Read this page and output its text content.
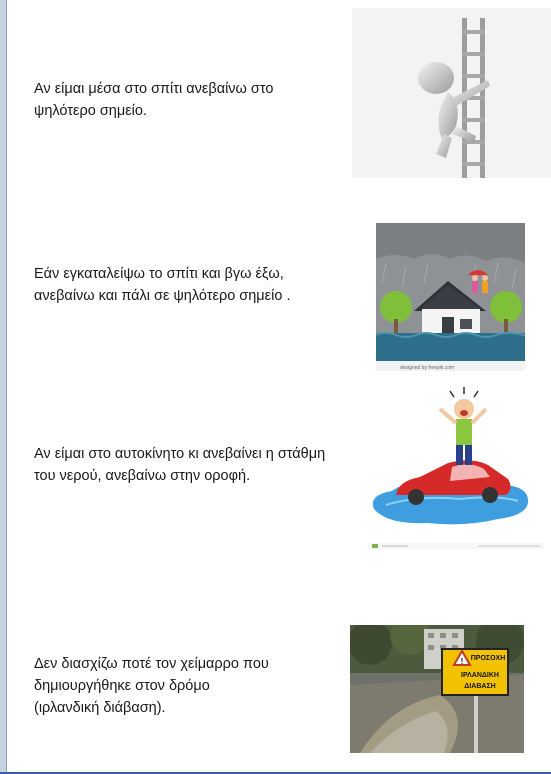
Αν είμαι μέσα στο σπίτι ανεβαίνω στο
ψηλότερο σημείο.
Εάν εγκαταλείψω το σπίτι και βγω έξω,
ανεβαίνω και πάλι σε ψηλότερο σημείο .
designed by freepik.com
Αν είμαι στο αυτοκίνητο κι ανεβαίνει η στάθμη
του νερού, ανεβαίνω στην οροφή.
Δεν διασχίζω ποτέ τον χείμαρρο που
δημιουργήθηκε στον δρόμο
(ιρλανδική διάβαση).
! ΠΡΟΣΟΧΗ
ΙΡΛΑΝΔΙΚΗ
ΔΙΑΒΑΣΗ
